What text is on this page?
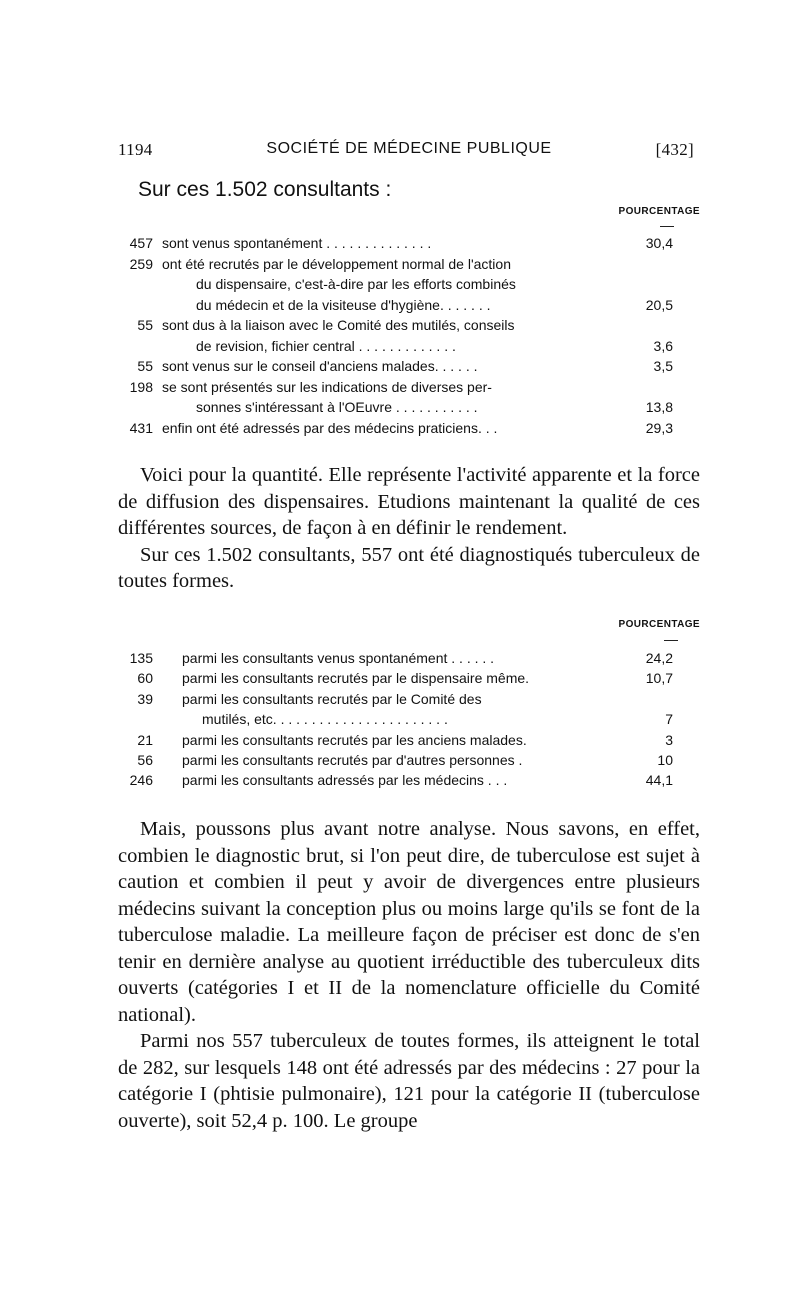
1194	SOCIÉTÉ DE MÉDECINE PUBLIQUE	[432]
Sur ces 1.502 consultants :
POURCENTAGE
457 sont venus spontanément . . . . . . . . . . . . . .	30,4
259 ont été recrutés par le développement normal de l'action
du dispensaire, c'est-à-dire par les efforts combinés
du médecin et de la visiteuse d'hygiène. . . . . . .	20,5
55 sont dus à la liaison avec le Comité des mutilés, conseils
de revision, fichier central . . . . . . . . . . . . .	3,6
55 sont venus sur le conseil d'anciens malades. . . . . .	3,5
198 se sont présentés sur les indications de diverses per-
sonnes s'intéressant à l'OEuvre . . . . . . . . . . .	13,8
431 enfin ont été adressés par des médecins praticiens. . .	29,3

Voici pour la quantité. Elle représente l'activité apparente et la force de diffusion des dispensaires. Etudions maintenant la qualité de ces différentes sources, de façon à en définir le rendement.

Sur ces 1.502 consultants, 557 ont été diagnostiqués tuberculeux de toutes formes.

POURCENTAGE
135 parmi les consultants venus spontanément . . . . . .	24,2
60 parmi les consultants recrutés par le dispensaire même.	10,7
39 parmi les consultants recrutés par le Comité des
mutilés, etc. . . . . . . . . . . . . . . . . . . . . . .	7
21 parmi les consultants recrutés par les anciens malades.	3
56 parmi les consultants recrutés par d'autres personnes .	10
246 parmi les consultants adressés par les médecins . . .	44,1

Mais, poussons plus avant notre analyse. Nous savons, en effet, combien le diagnostic brut, si l'on peut dire, de tuberculose est sujet à caution et combien il peut y avoir de divergences entre plusieurs médecins suivant la conception plus ou moins large qu'ils se font de la tuberculose maladie. La meilleure façon de préciser est donc de s'en tenir en dernière analyse au quotient irréductible des tuberculeux dits ouverts (catégories I et II de la nomenclature officielle du Comité national).

Parmi nos 557 tuberculeux de toutes formes, ils atteignent le total de 282, sur lesquels 148 ont été adressés par des médecins : 27 pour la catégorie I (phtisie pulmonaire), 121 pour la catégorie II (tuberculose ouverte), soit 52,4 p. 100. Le groupe
